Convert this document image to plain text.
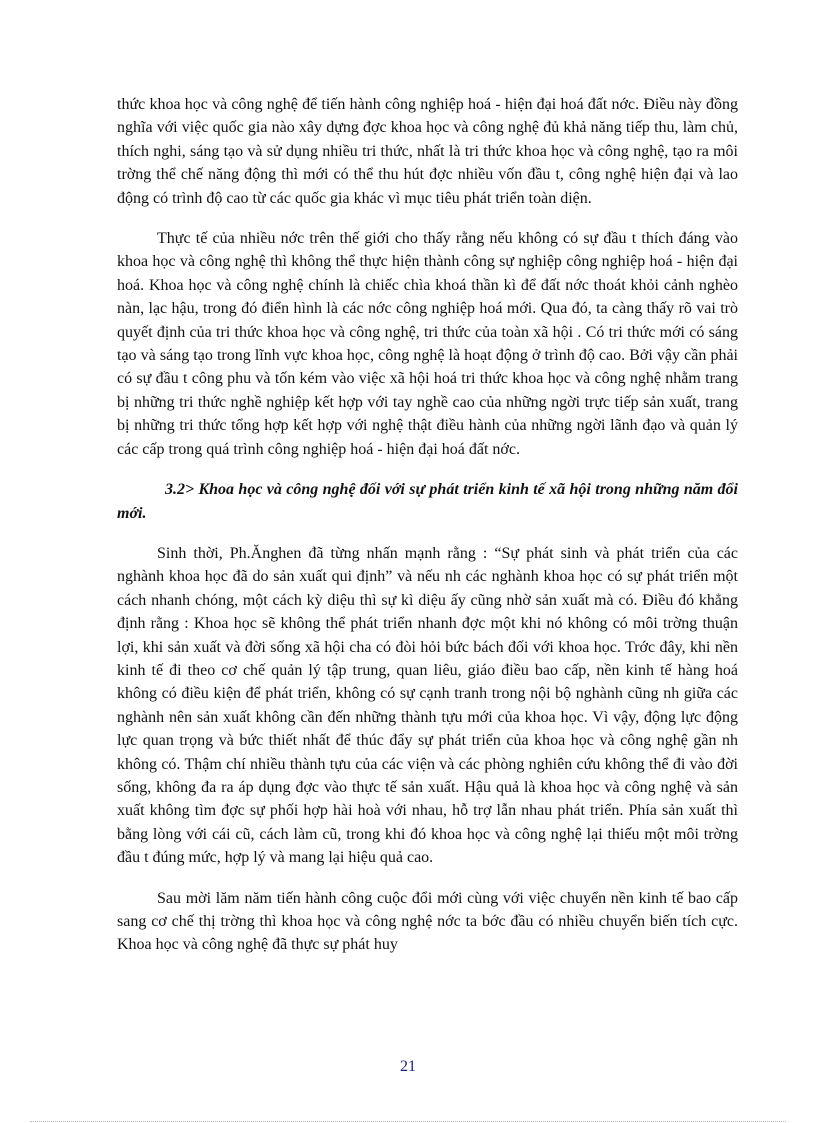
thức khoa học và công nghệ để tiến hành công nghiệp hoá - hiện đại hoá đất nớc. Điều này đồng nghĩa với việc quốc gia nào xây dựng đợc khoa học và công nghệ đủ khả năng tiếp thu, làm chủ, thích nghi, sáng tạo và sử dụng nhiều tri thức, nhất là tri thức khoa học và công nghệ, tạo ra môi trờng thể chế năng động thì mới có thể thu hút đợc nhiều vốn đầu t, công nghệ hiện đại và lao động có trình độ cao từ các quốc gia khác vì mục tiêu phát triển toàn diện.

Thực tế của nhiều nớc trên thế giới cho thấy rằng nếu không có sự đầu t thích đáng vào khoa học và công nghệ thì không thể thực hiện thành công sự nghiệp công nghiệp hoá - hiện đại hoá. Khoa học và công nghệ chính là chiếc chìa khoá thần kì để đất nớc thoát khỏi cảnh nghèo nàn, lạc hậu, trong đó điển hình là các nớc công nghiệp hoá mới. Qua đó, ta càng thấy rõ vai trò quyết định của tri thức khoa học và công nghệ, tri thức của toàn xã hội . Có tri thức mới có sáng tạo và sáng tạo trong lĩnh vực khoa học, công nghệ là hoạt động ở trình độ cao. Bởi vậy cần phải có sự đầu t công phu và tốn kém vào việc xã hội hoá tri thức khoa học và công nghệ nhằm trang bị những tri thức nghề nghiệp kết hợp với tay nghề cao của những ngời trực tiếp sản xuất, trang bị những tri thức tổng hợp kết hợp với nghệ thật điều hành của những ngời lãnh đạo và quản lý các cấp trong quá trình công nghiệp hoá - hiện đại hoá đất nớc.

3.2> Khoa học và công nghệ đối với sự phát triển kinh tế xã hội trong những năm đổi mới.

Sinh thời, Ph.Ănghen đã từng nhấn mạnh rằng : “Sự phát sinh và phát triển của các nghành khoa học đã do sản xuất qui định” và nếu nh các nghành khoa học có sự phát triển một cách nhanh chóng, một cách kỳ diệu thì sự kì diệu ấy cũng nhờ sản xuất mà có. Điều đó khẳng định rằng : Khoa học sẽ không thể phát triển nhanh đợc một khi nó không có môi trờng thuận lợi, khi sản xuất và đời sống xã hội cha có đòi hỏi bức bách đối với khoa học. Trớc đây, khi nền kinh tế đi theo cơ chế quản lý tập trung, quan liêu, giáo điều bao cấp, nền kinh tế hàng hoá không có điều kiện để phát triển, không có sự cạnh tranh trong nội bộ nghành cũng nh giữa các nghành nên sản xuất không cần đến những thành tựu mới của khoa học. Vì vậy, động lực động lực quan trọng và bức thiết nhất để thúc đẩy sự phát triển của khoa học và công nghệ gần nh không có. Thậm chí nhiều thành tựu của các viện và các phòng nghiên cứu không thể đi vào đời sống, không đa ra áp dụng đợc vào thực tế sản xuất. Hậu quả là khoa học và công nghệ và sản xuất không tìm đợc sự phối hợp hài hoà với nhau, hỗ trợ lẫn nhau phát triển. Phía sản xuất thì bằng lòng với cái cũ, cách làm cũ, trong khi đó khoa học và công nghệ lại thiếu một môi trờng đầu t đúng mức, hợp lý và mang lại hiệu quả cao.

Sau mời lăm năm tiến hành công cuộc đổi mới cùng với việc chuyển nền kinh tế bao cấp sang cơ chế thị trờng thì khoa học và công nghệ nớc ta bớc đầu có nhiều chuyển biến tích cực. Khoa học và công nghệ đã thực sự phát huy

21
